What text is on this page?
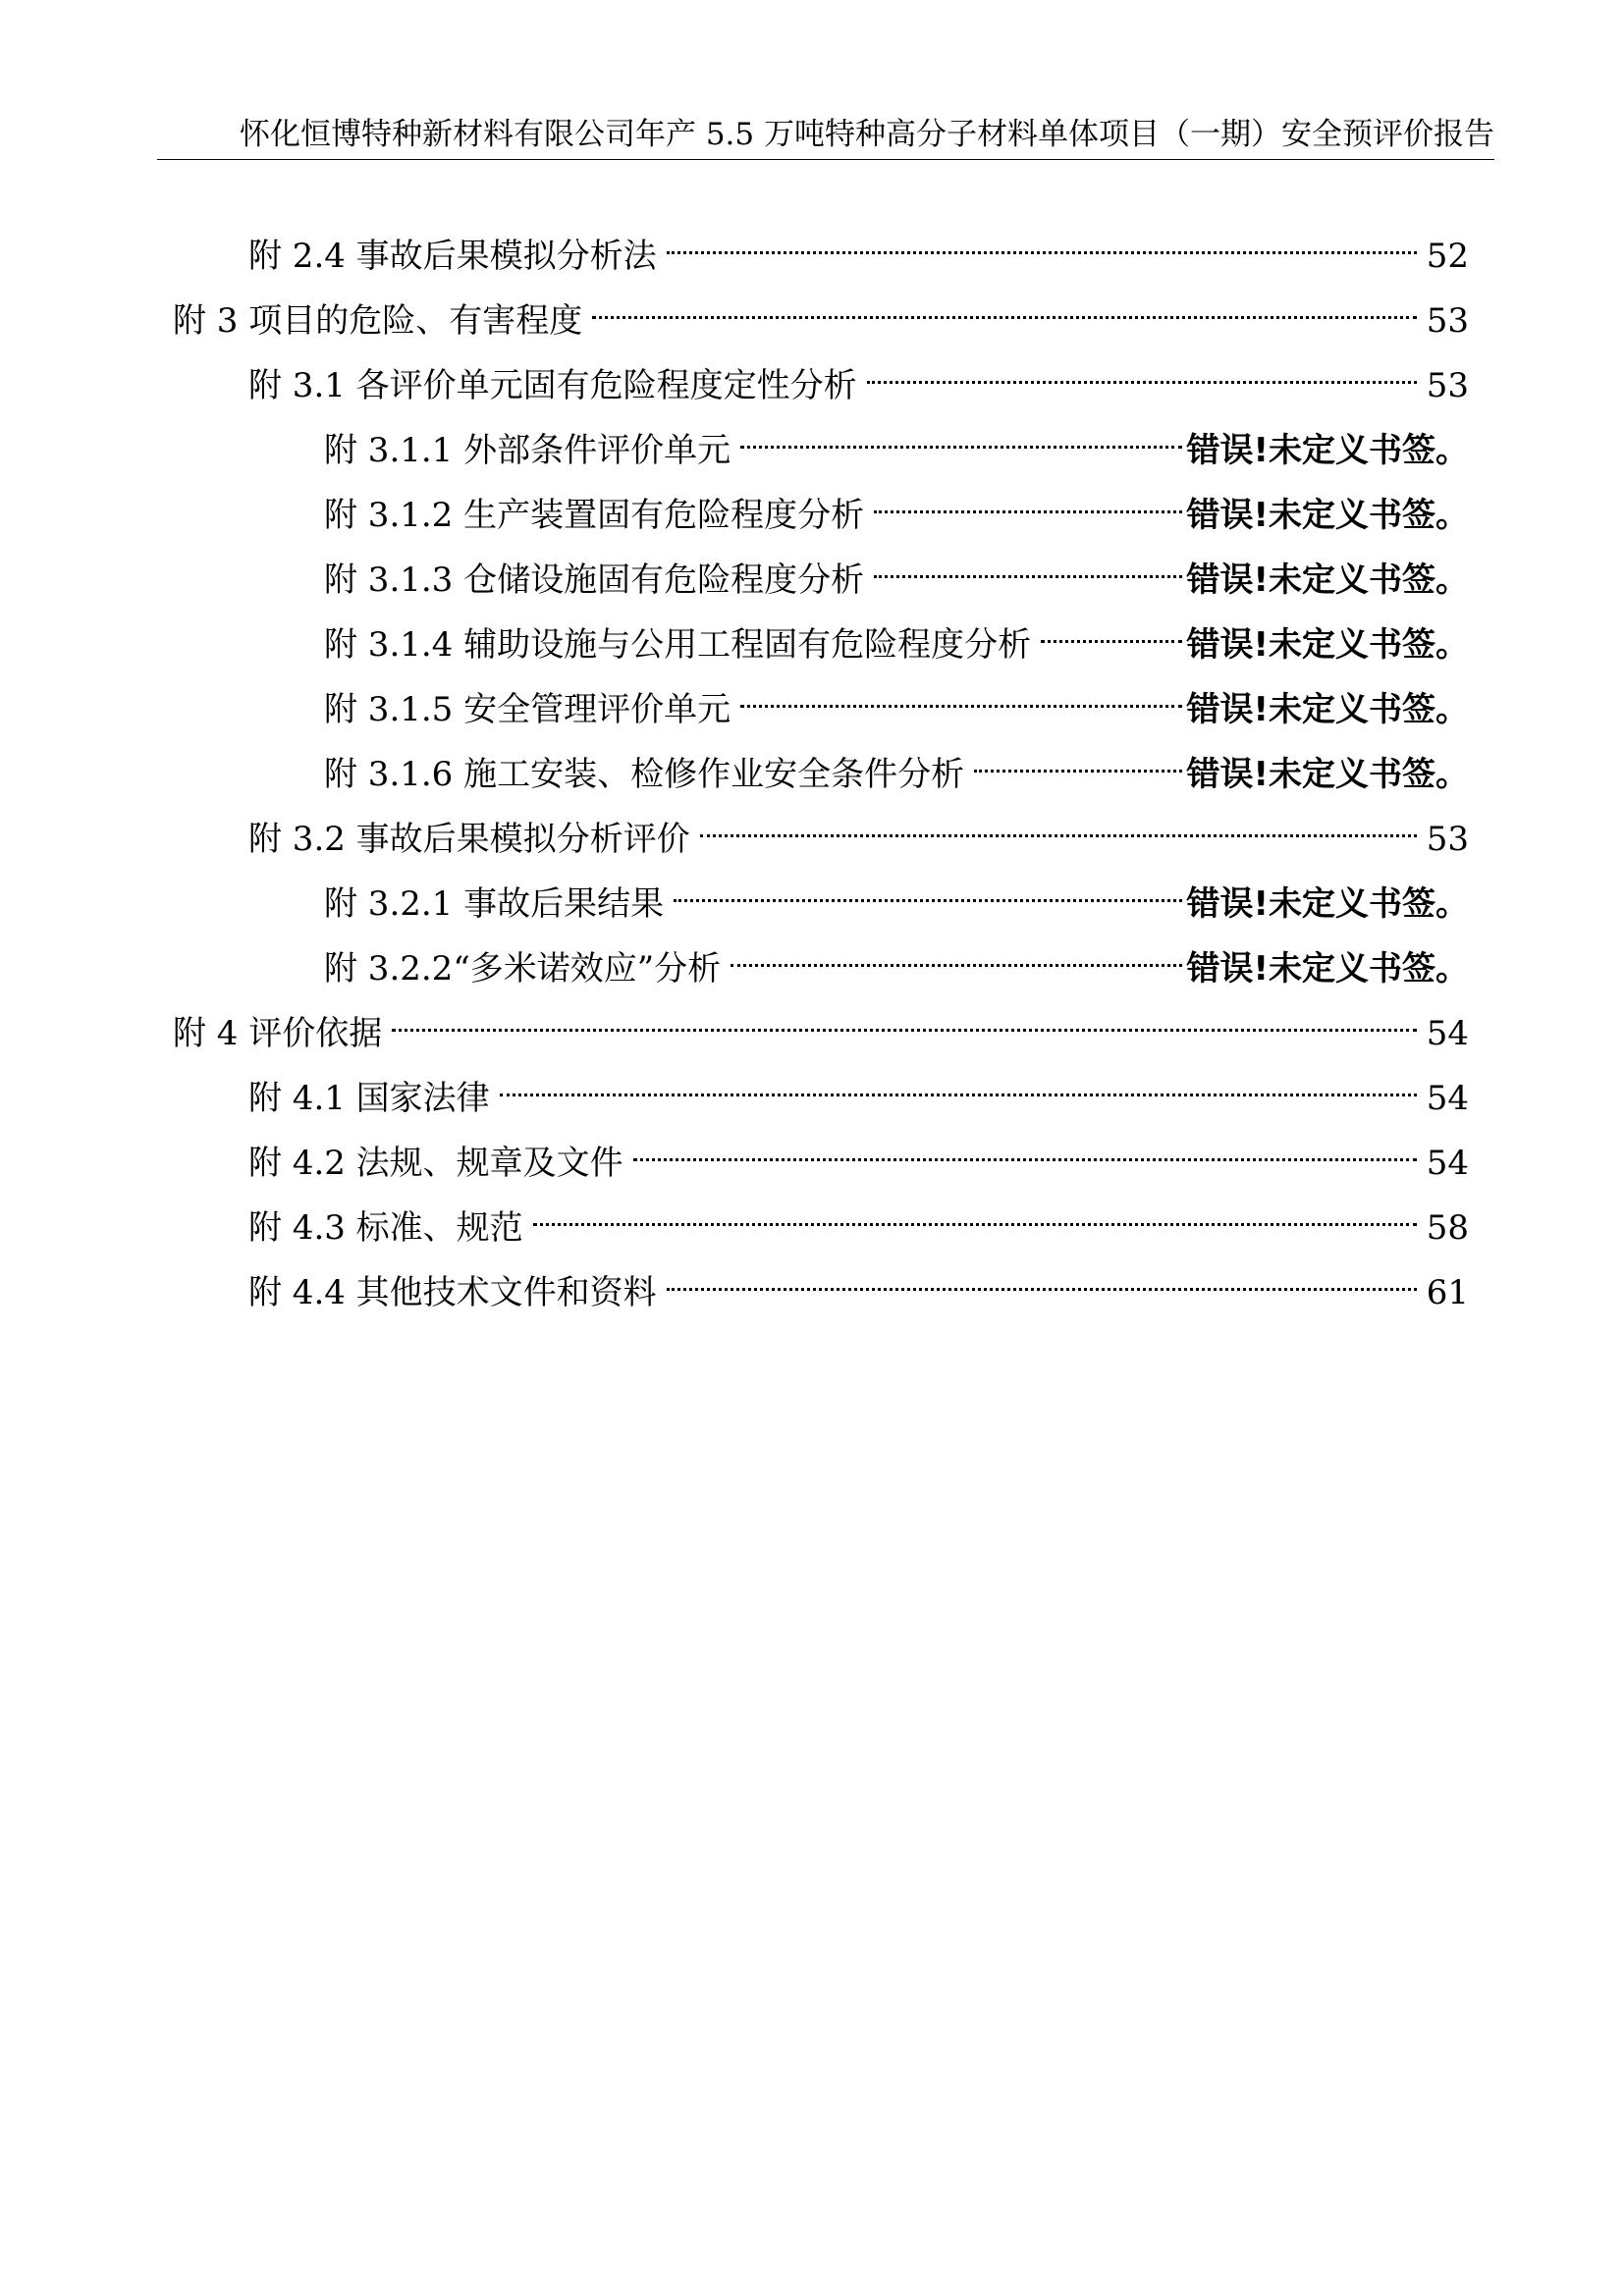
怀化恒博特种新材料有限公司年产 5.5 万吨特种高分子材料单体项目（一期）安全预评价报告
附 2.4 事故后果模拟分析法	52
附 3 项目的危险、有害程度	53
附 3.1 各评价单元固有危险程度定性分析	53
附 3.1.1 外部条件评价单元	错误!未定义书签。
附 3.1.2 生产装置固有危险程度分析	错误!未定义书签。
附 3.1.3 仓储设施固有危险程度分析	错误!未定义书签。
附 3.1.4 辅助设施与公用工程固有危险程度分析	错误!未定义书签。
附 3.1.5 安全管理评价单元	错误!未定义书签。
附 3.1.6 施工安装、检修作业安全条件分析	错误!未定义书签。
附 3.2 事故后果模拟分析评价	53
附 3.2.1 事故后果结果	错误!未定义书签。
附 3.2.2“多米诺效应”分析	错误!未定义书签。
附 4 评价依据	54
附 4.1 国家法律	54
附 4.2 法规、规章及文件	54
附 4.3 标准、规范	58
附 4.4 其他技术文件和资料	61
